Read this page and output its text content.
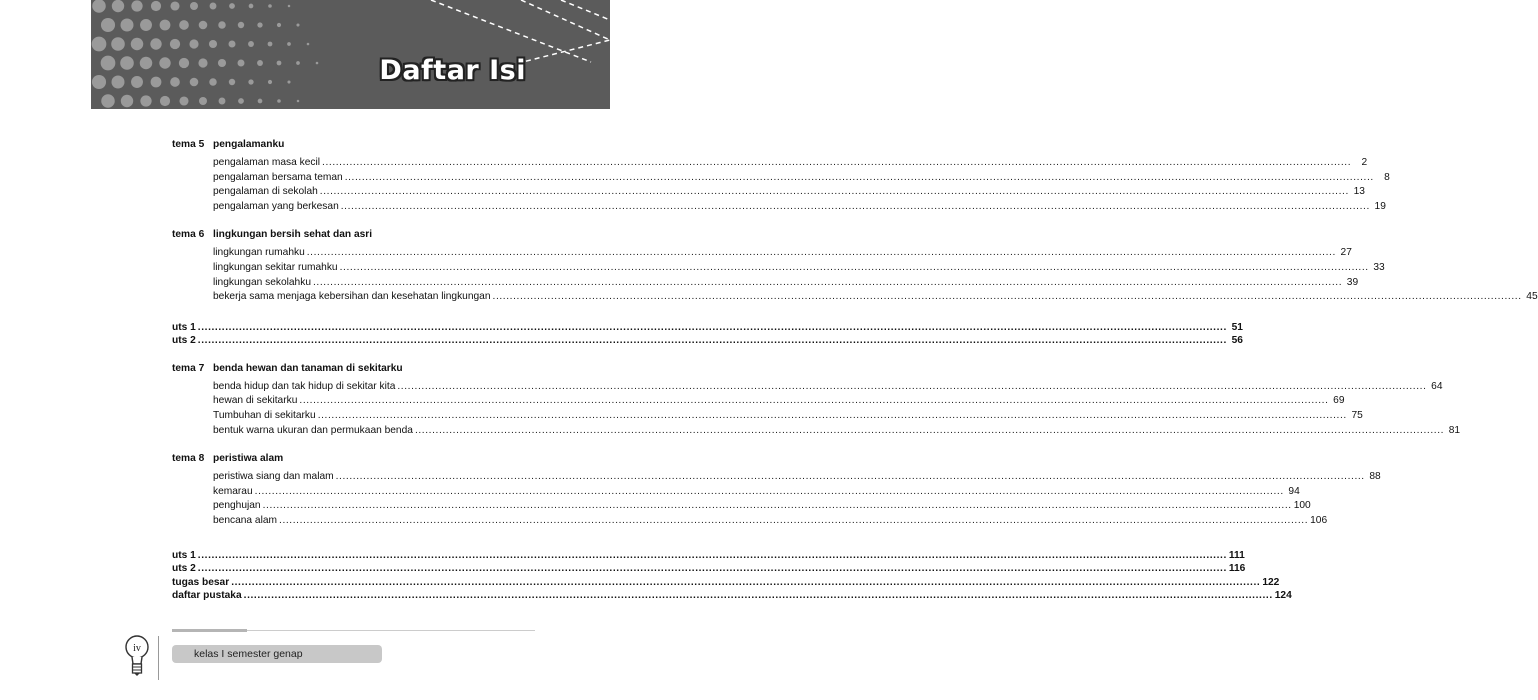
Daftar Isi
tema 5 pengalamanku
pengalaman masa kecil ............................................................................................................................................................................................................................................................................................................	2
pengalaman bersama teman ............................................................................................................................................................................................................................................................................................................	8
pengalaman di sekolah ............................................................................................................................................................................................................................................................................................................ 13
pengalaman yang berkesan ............................................................................................................................................................................................................................................................................................................ 19
tema 6 lingkungan bersih sehat dan asri
lingkungan rumahku ............................................................................................................................................................................................................................................................................................................ 27
lingkungan sekitar rumahku ............................................................................................................................................................................................................................................................................................................ 33
lingkungan sekolahku ............................................................................................................................................................................................................................................................................................................ 39
bekerja sama menjaga kebersihan dan kesehatan lingkungan ............................................................................................................................................................................................................................................................................................................ 45
uts 1 ............................................................................................................................................................................................................................................................................................................ 51
uts 2 ............................................................................................................................................................................................................................................................................................................ 56
tema 7 benda hewan dan tanaman di sekitarku
benda hidup dan tak hidup di sekitar kita ............................................................................................................................................................................................................................................................................................................ 64
hewan di sekitarku ............................................................................................................................................................................................................................................................................................................ 69
Tumbuhan di sekitarku ............................................................................................................................................................................................................................................................................................................ 75
bentuk warna ukuran dan permukaan benda ............................................................................................................................................................................................................................................................................................................ 81
tema 8 peristiwa alam
peristiwa siang dan malam ............................................................................................................................................................................................................................................................................................................ 88
kemarau ............................................................................................................................................................................................................................................................................................................ 94
penghujan ............................................................................................................................................................................................................................................................................................................ 100
bencana alam ............................................................................................................................................................................................................................................................................................................ 106
uts 1 ............................................................................................................................................................................................................................................................................................................ 111
uts 2 ............................................................................................................................................................................................................................................................................................................ 116
tugas besar ............................................................................................................................................................................................................................................................................................................ 122
daftar pustaka ............................................................................................................................................................................................................................................................................................................ 124
iv	kelas I semester genap
